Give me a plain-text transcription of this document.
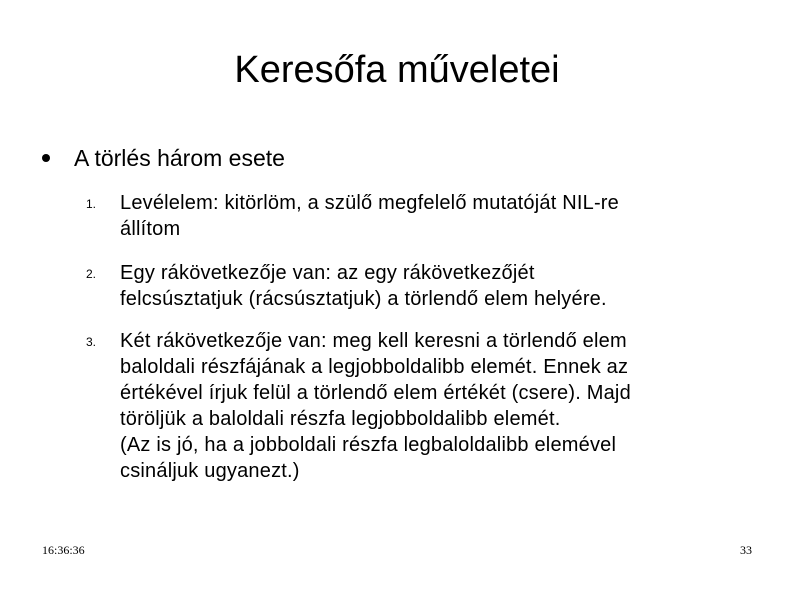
Keresőfa műveletei
A törlés három esete
1. Levélelem: kitörlöm, a szülő megfelelő mutatóját NIL-re
állítom
2. Egy rákövetkezője van: az egy rákövetkezőjét
felcsúsztatjuk (rácsúsztatjuk) a törlendő elem helyére.
3. Két rákövetkezője van: meg kell keresni a törlendő elem
baloldali részfájának a legjobboldalibb elemét. Ennek az
értékével írjuk felül a törlendő elem értékét (csere). Majd
töröljük a baloldali részfa legjobboldalibb elemét.
(Az is jó, ha a jobboldali részfa legbaloldalibb elemével
csináljuk ugyanezt.)
16:36:36	33
